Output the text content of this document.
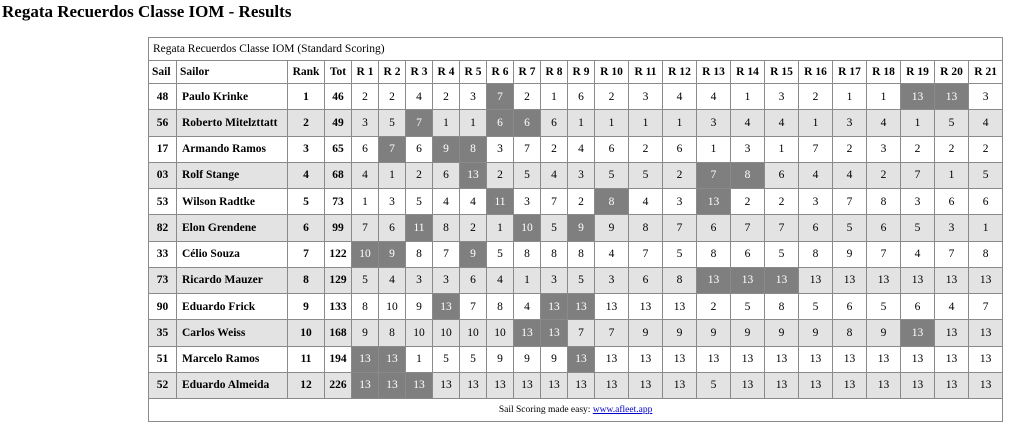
Regata Recuerdos Classe IOM - Results
Regata Recuerdos Classe IOM (Standard Scoring)																								
Sail	Sailor	Rank	Tot	R 1	R 2	R 3	R 4	R 5	R 6	R 7	R 8	R 9	R 10	R 11	R 12	R 13	R 14	R 15	R 16	R 17	R 18	R 19	R 20	R 21
48	Paulo Krinke	1	46	2	2	4	2	3	7	2	1	6	2	3	4	4	1	3	2	1	1	13	13	3
56	Roberto Mitelzttatt	2	49	3	5	7	1	1	6	6	6	1	1	1	1	3	4	4	1	3	4	1	5	4
17	Armando Ramos	3	65	6	7	6	9	8	3	7	2	4	6	2	6	1	3	1	7	2	3	2	2	2
03	Rolf Stange	4	68	4	1	2	6	13	2	5	4	3	5	5	2	7	8	6	4	4	2	7	1	5
53	Wilson Radtke	5	73	1	3	5	4	4	11	3	7	2	8	4	3	13	2	2	3	7	8	3	6	6
82	Elon Grendene	6	99	7	6	11	8	2	1	10	5	9	9	8	7	6	7	7	6	5	6	5	3	1
33	Célio Souza	7	122	10	9	8	7	9	5	8	8	8	4	7	5	8	6	5	8	9	7	4	7	8
73	Ricardo Mauzer	8	129	5	4	3	3	6	4	1	3	5	3	6	8	13	13	13	13	13	13	13	13	13
90	Eduardo Frick	9	133	8	10	9	13	7	8	4	13	13	13	13	13	2	5	8	5	6	5	6	4	7
35	Carlos Weiss	10	168	9	8	10	10	10	10	13	13	7	7	9	9	9	9	9	9	8	9	13	13	13
51	Marcelo Ramos	11	194	13	13	1	5	5	9	9	9	13	13	13	13	13	13	13	13	13	13	13	13	13
52	Eduardo Almeida	12	226	13	13	13	13	13	13	13	13	13	13	13	13	5	13	13	13	13	13	13	13	13
Sail Scoring made easy: www.afleet.app																								
